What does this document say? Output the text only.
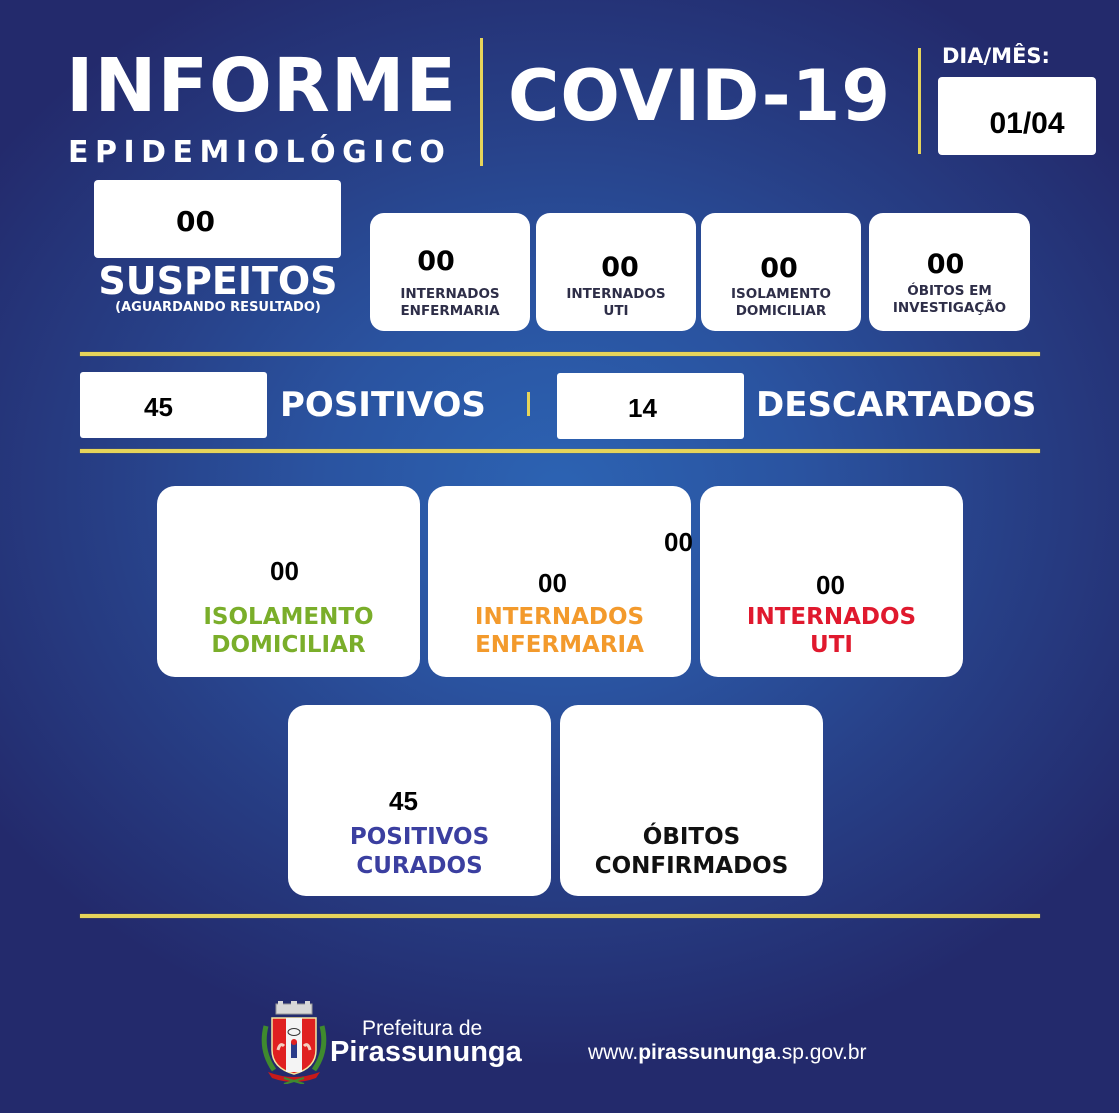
INFORME
EPIDEMIOLÓGICO
COVID-19 DIA/MÊS:
01/04
00
SUSPEITOS
(AGUARDANDO RESULTADO)
00
INTERNADOS
ENFERMARIA
00
INTERNADOS
UTI
00
ISOLAMENTO
DOMICILIAR
00
ÓBITOS EM
INVESTIGAÇÃO
45	POSITIVOS	14	DESCARTADOS
00
ISOLAMENTO
DOMICILIAR
00
00
INTERNADOS
ENFERMARIA
00
INTERNADOS
UTI
45
POSITIVOS
CURADOS
ÓBITOS
CONFIRMADOS
Prefeitura de
Pirassununga	www.pirassununga.sp.gov.br
